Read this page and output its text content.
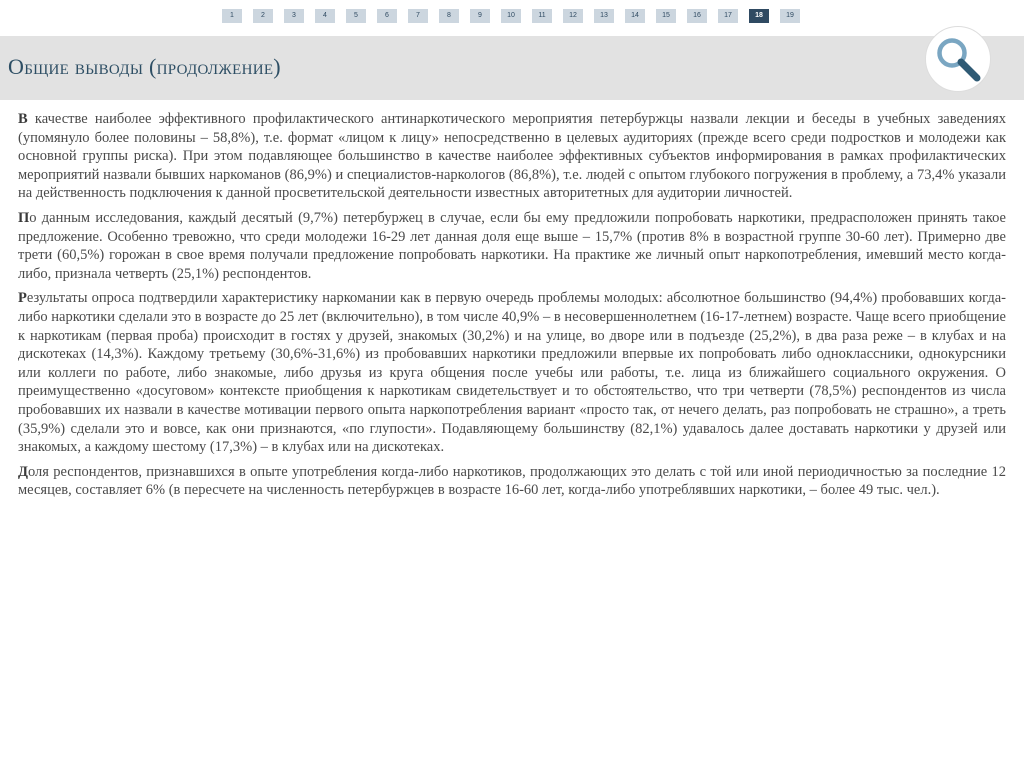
1	2	3	4	5	6	7	8	9	10	11	12	13	14	15	16	17	18	19
Общие выводы (продолжение)

В качестве наиболее эффективного профилактического антинаркотического мероприятия петербуржцы назвали лекции и беседы в учебных заведениях (упомянуло более половины – 58,8%), т.е. формат «лицом к лицу» непосредственно в целевых аудиториях (прежде всего среди подростков и молодежи как основной группы риска). При этом подавляющее большинство в качестве наиболее эффективных субъектов информирования в рамках профилактических мероприятий назвали бывших наркоманов (86,9%) и специалистов-наркологов (86,8%), т.е. людей с опытом глубокого погружения в проблему, а 73,4% указали на действенность подключения к данной просветительской деятельности известных авторитетных для аудитории личностей.

По данным исследования, каждый десятый (9,7%) петербуржец в случае, если бы ему предложили попробовать наркотики, предрасположен принять такое предложение. Особенно тревожно, что среди молодежи 16-29 лет данная доля еще выше – 15,7% (против 8% в возрастной группе 30-60 лет). Примерно две трети (60,5%) горожан в свое время получали предложение попробовать наркотики. На практике же личный опыт наркопотребления, имевший место когда-либо, признала четверть (25,1%) респондентов.

Результаты опроса подтвердили характеристику наркомании как в первую очередь проблемы молодых: абсолютное большинство (94,4%) пробовавших когда-либо наркотики сделали это в возрасте до 25 лет (включительно), в том числе 40,9% – в несовершеннолетнем (16-17-летнем) возрасте. Чаще всего приобщение к наркотикам (первая проба) происходит в гостях у друзей, знакомых (30,2%) и на улице, во дворе или в подъезде (25,2%), в два раза реже – в клубах и на дискотеках (14,3%). Каждому третьему (30,6%-31,6%) из пробовавших наркотики предложили впервые их попробовать либо одноклассники, однокурсники или коллеги по работе, либо знакомые, либо друзья из круга общения после учебы или работы, т.е. лица из ближайшего социального окружения. О преимущественно «досуговом» контексте приобщения к наркотикам свидетельствует и то обстоятельство, что три четверти (78,5%) респондентов из числа пробовавших их назвали в качестве мотивации первого опыта наркопотребления вариант «просто так, от нечего делать, раз попробовать не страшно», а треть (35,9%) сделали это и вовсе, как они признаются, «по глупости». Подавляющему большинству (82,1%) удавалось далее доставать наркотики у друзей или знакомых, а каждому шестому (17,3%) – в клубах или на дискотеках.

Доля респондентов, признавшихся в опыте употребления когда-либо наркотиков, продолжающих это делать с той или иной периодичностью за последние 12 месяцев, составляет 6% (в пересчете на численность петербуржцев в возрасте 16-60 лет, когда-либо употреблявших наркотики, – более 49 тыс. чел.).
